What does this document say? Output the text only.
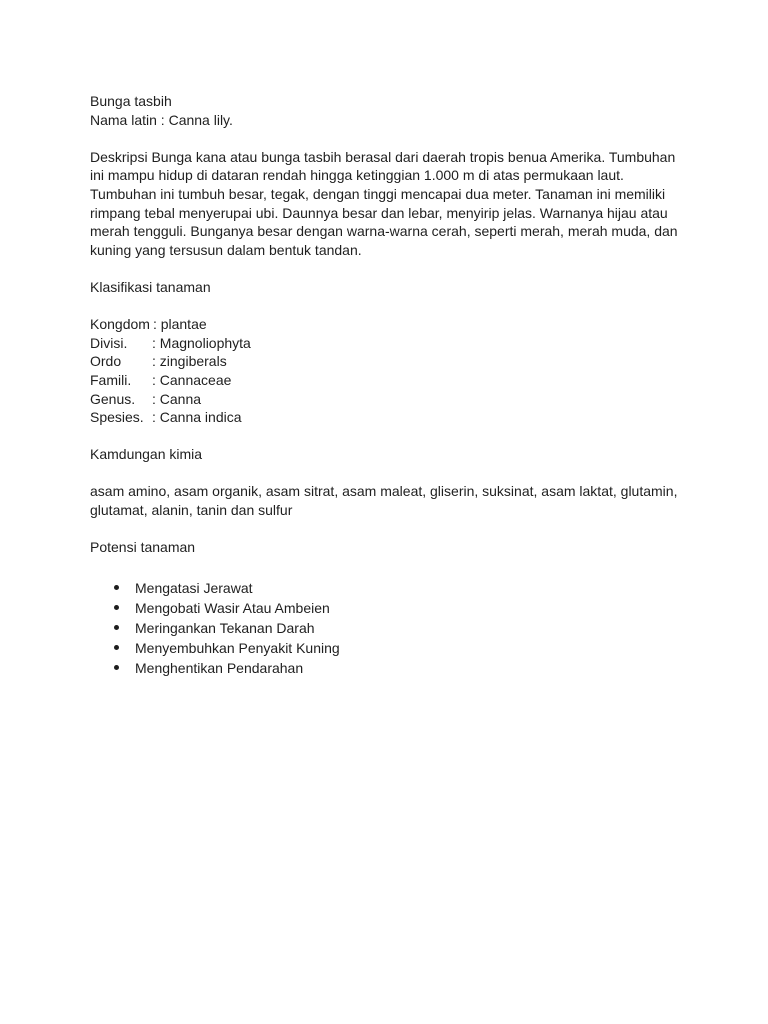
Bunga tasbih
Nama latin : Canna lily.
Deskripsi Bunga kana atau bunga tasbih berasal dari daerah tropis benua Amerika. Tumbuhan
ini mampu hidup di dataran rendah hingga ketinggian 1.000 m di atas permukaan laut.
Tumbuhan ini tumbuh besar, tegak, dengan tinggi mencapai dua meter. Tanaman ini memiliki
rimpang tebal menyerupai ubi. Daunnya besar dan lebar, menyirip jelas. Warnanya hijau atau
merah tengguli. Bunganya besar dengan warna-warna cerah, seperti merah, merah muda, dan
kuning yang tersusun dalam bentuk tandan.
Klasifikasi tanaman
Kongdom : plantae
Divisi.	: Magnoliophyta
Ordo	: zingiberals
Famili.	: Cannaceae
Genus.	: Canna
Spesies. : Canna indica
Kamdungan kimia
asam amino, asam organik, asam sitrat, asam maleat, gliserin, suksinat, asam laktat, glutamin,
glutamat, alanin, tanin dan sulfur
Potensi tanaman
Mengatasi Jerawat
Mengobati Wasir Atau Ambeien
Meringankan Tekanan Darah
Menyembuhkan Penyakit Kuning
Menghentikan Pendarahan
